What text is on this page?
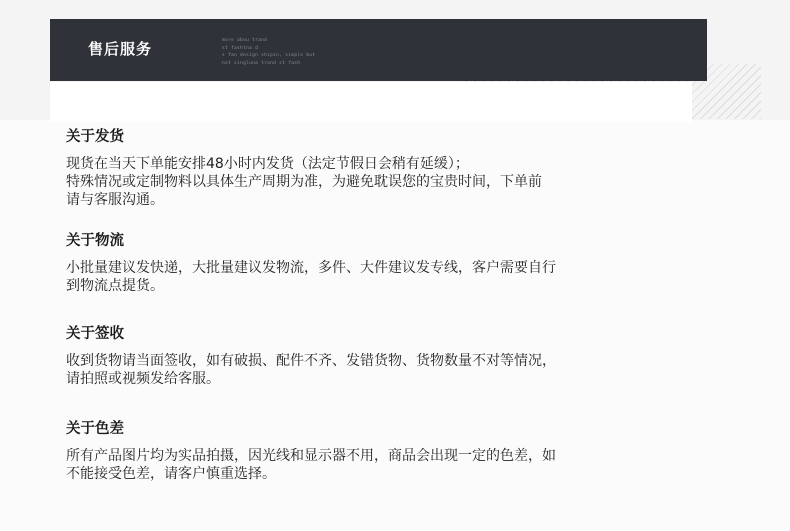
售后服务	more abou trand
st fashtna d
s fan design shipin, simple but
not singluna trand st fash
关于发货
现货在当天下单能安排48小时内发货（法定节假日会稍有延缓）；
特殊情况或定制物料以具体生产周期为准，为避免耽误您的宝贵时间，下单前
请与客服沟通。
关于物流
小批量建议发快递，大批量建议发物流，多件、大件建议发专线，客户需要自行
到物流点提货。
关于签收
收到货物请当面签收，如有破损、配件不齐、发错货物、货物数量不对等情况，
请拍照或视频发给客服。
关于色差
所有产品图片均为实品拍摄，因光线和显示器不用，商品会出现一定的色差，如
不能接受色差，请客户慎重选择。
